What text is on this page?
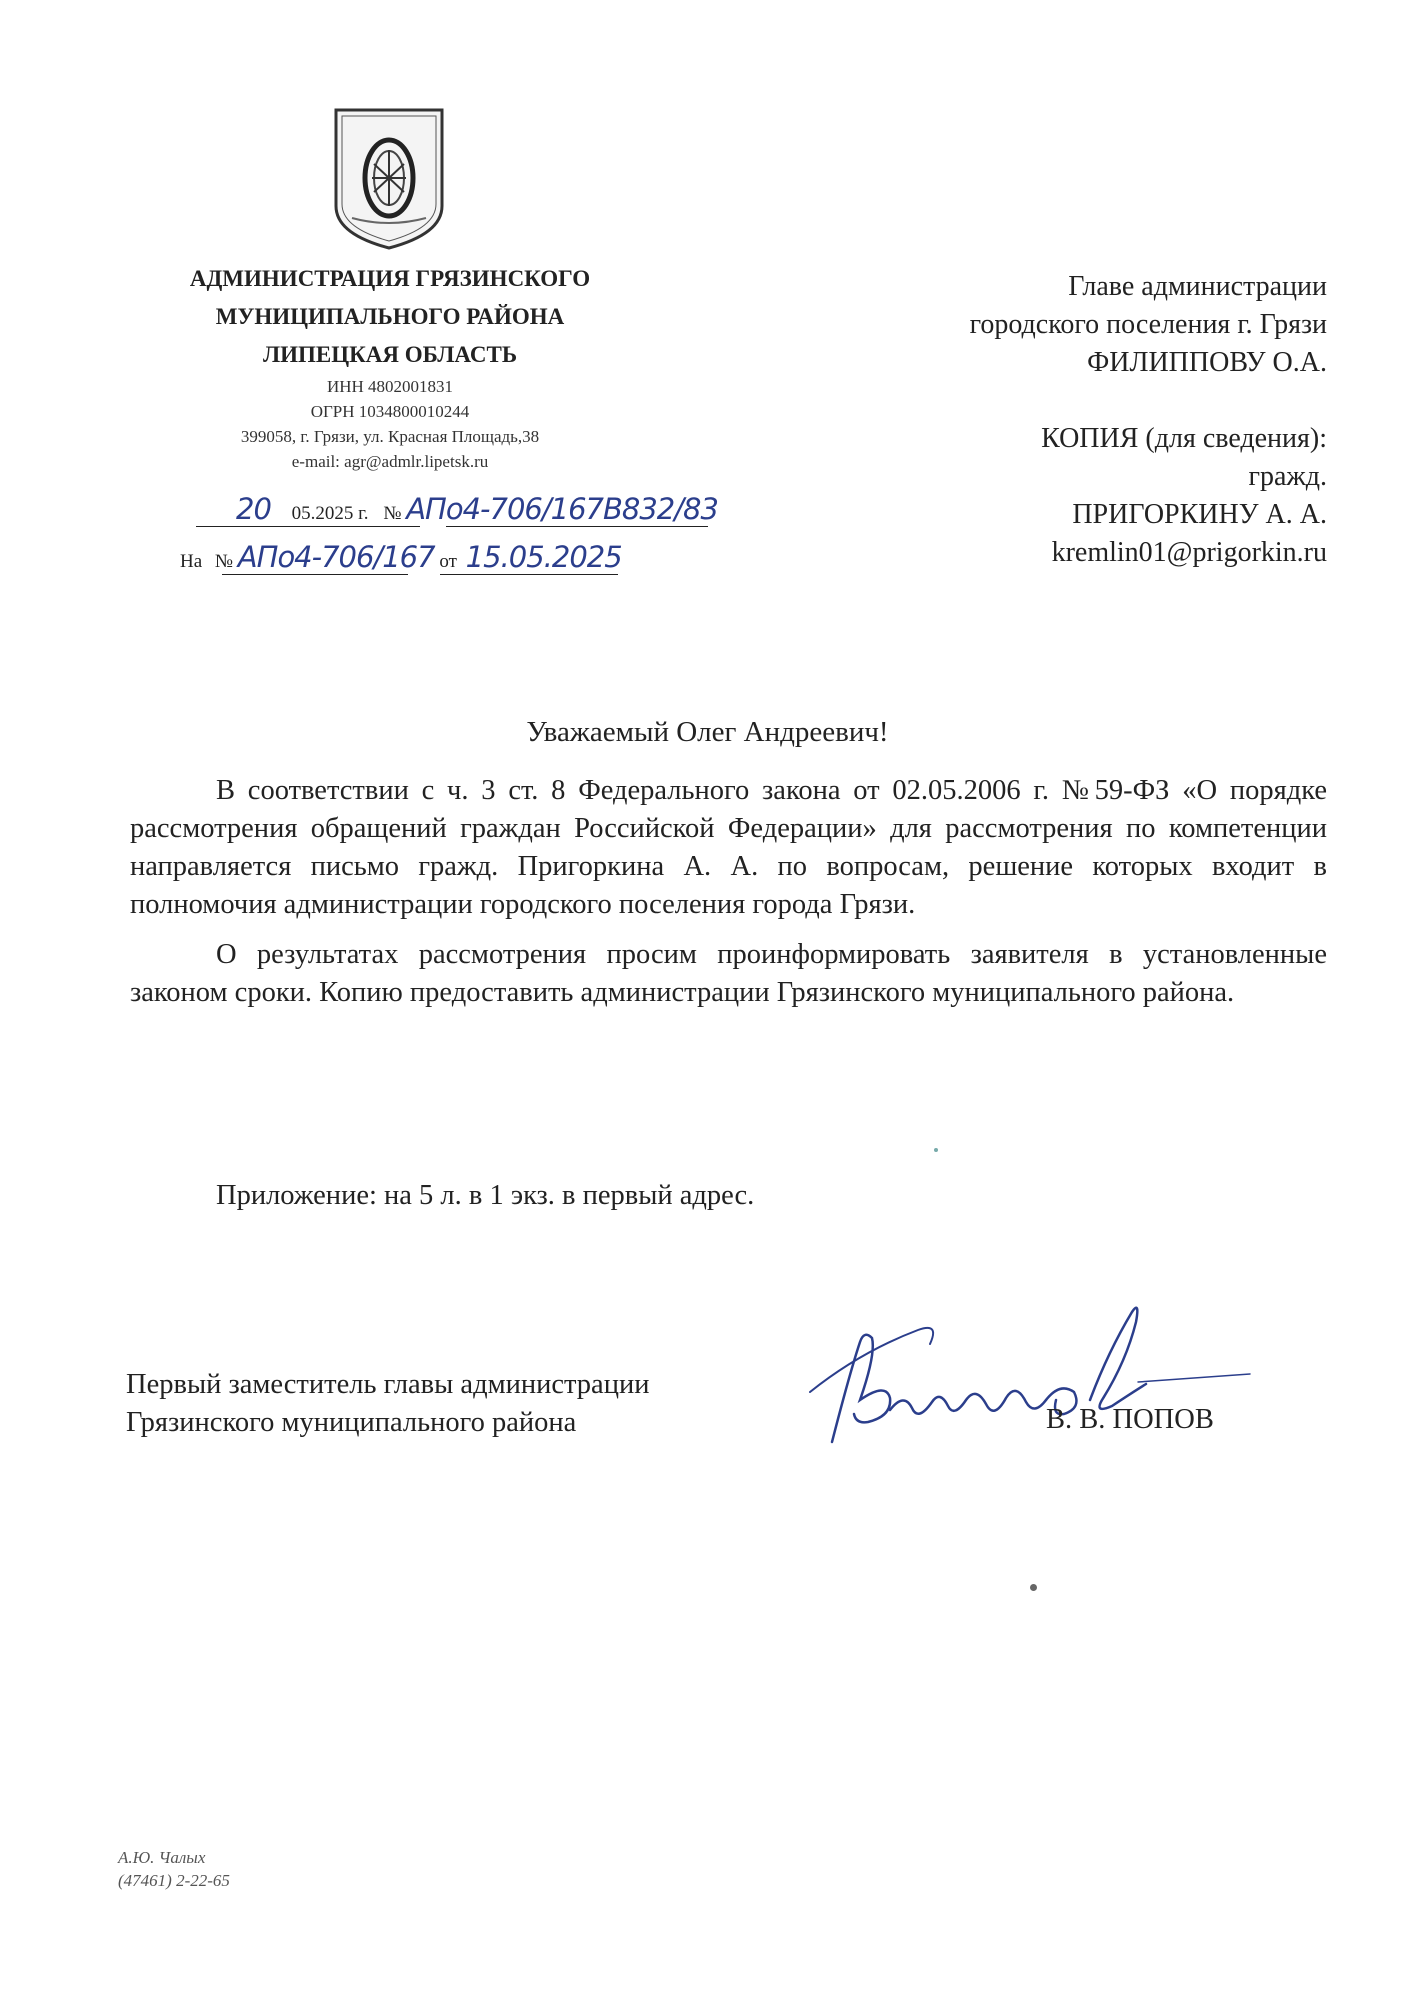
АДМИНИСТРАЦИЯ ГРЯЗИНСКОГО
МУНИЦИПАЛЬНОГО РАЙОНА
ЛИПЕЦКАЯ ОБЛАСТЬ
ИНН 4802001831
ОГРН 1034800010244
399058, г. Грязи, ул. Красная Площадь,38
e-mail: agr@admlr.lipetsk.ru
20 05.2025 г. № АПо4-706/167В832/83
На № АПо4-706/167 от 15.05.2025
Главе администрации
городского поселения г. Грязи
ФИЛИППОВУ О.А.
КОПИЯ (для сведения):
гражд.
ПРИГОРКИНУ А. А.
kremlin01@prigorkin.ru
Уважаемый Олег Андреевич!

В соответствии с ч. 3 ст. 8 Федерального закона от 02.05.2006 г. №59-ФЗ «О порядке рассмотрения обращений граждан Российской Федерации» для рассмотрения по компетенции направляется письмо гражд. Пригоркина А. А. по вопросам, решение которых входит в полномочия администрации городского поселения города Грязи.

О результатах рассмотрения просим проинформировать заявителя в установленные законом сроки. Копию предоставить администрации Грязинского муниципального района.

Приложение: на 5 л. в 1 экз. в первый адрес.
Первый заместитель главы администрации
Грязинского муниципального района	В. В. ПОПОВ
А.Ю. Чалых
(47461) 2-22-65
